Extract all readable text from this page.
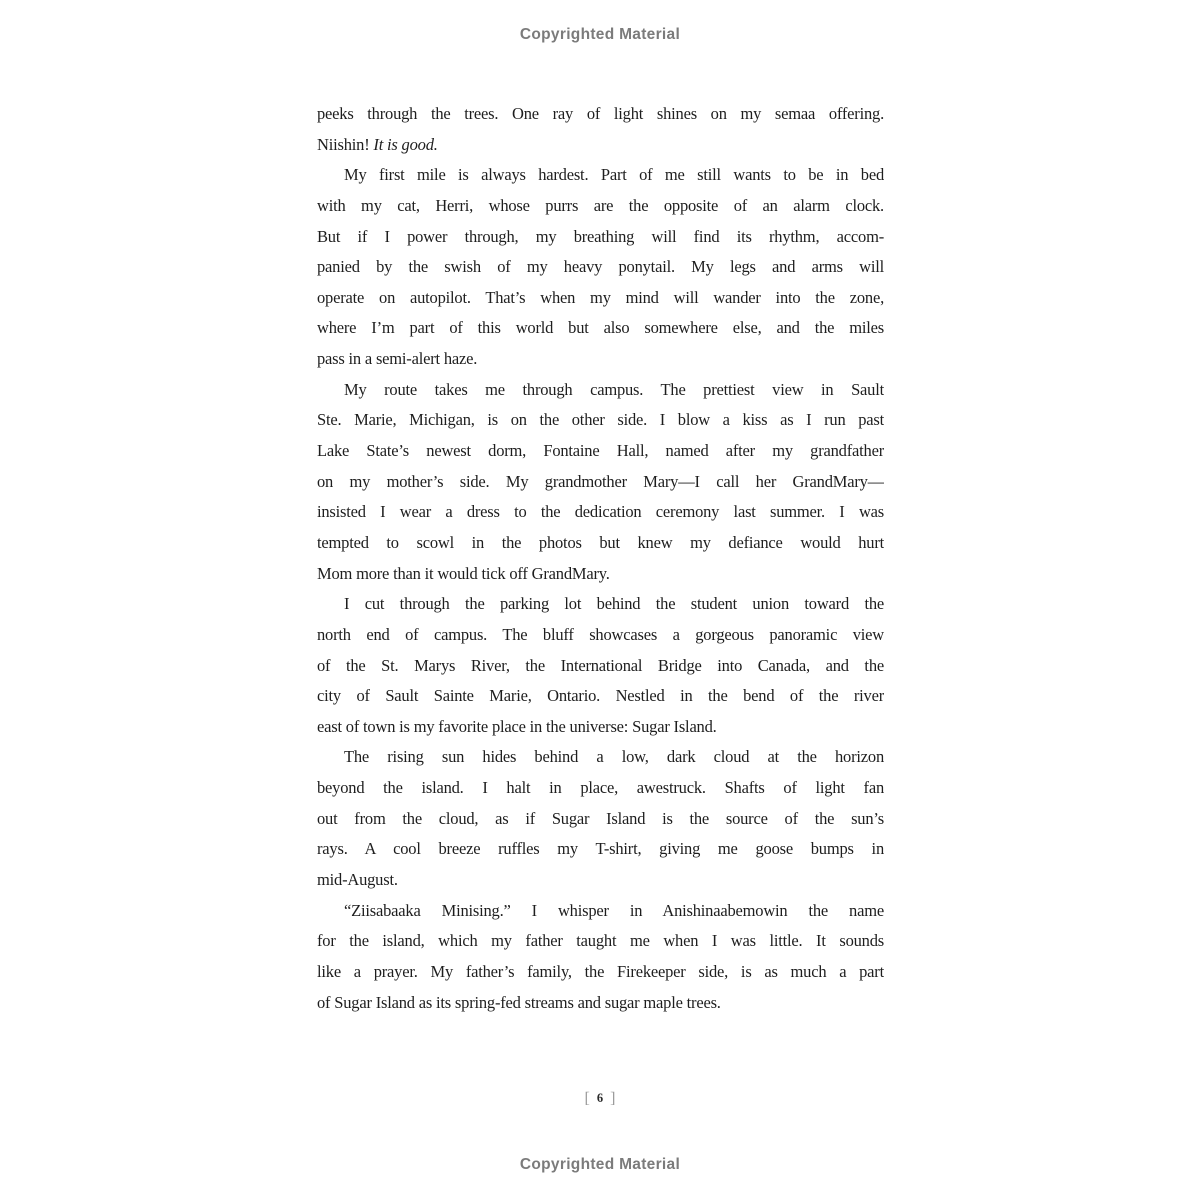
Copyrighted Material
peeks through the trees. One ray of light shines on my semaa offering.
Niishin! It is good.
My first mile is always hardest. Part of me still wants to be in bed
with my cat, Herri, whose purrs are the opposite of an alarm clock.
But if I power through, my breathing will find its rhythm, accom-
panied by the swish of my heavy ponytail. My legs and arms will
operate on autopilot. That’s when my mind will wander into the zone,
where I’m part of this world but also somewhere else, and the miles
pass in a semi-alert haze.
My route takes me through campus. The prettiest view in Sault
Ste. Marie, Michigan, is on the other side. I blow a kiss as I run past
Lake State’s newest dorm, Fontaine Hall, named after my grandfather
on my mother’s side. My grandmother Mary—I call her GrandMary—
insisted I wear a dress to the dedication ceremony last summer. I was
tempted to scowl in the photos but knew my defiance would hurt
Mom more than it would tick off GrandMary.
I cut through the parking lot behind the student union toward the
north end of campus. The bluff showcases a gorgeous panoramic view
of the St. Marys River, the International Bridge into Canada, and the
city of Sault Sainte Marie, Ontario. Nestled in the bend of the river
east of town is my favorite place in the universe: Sugar Island.
The rising sun hides behind a low, dark cloud at the horizon
beyond the island. I halt in place, awestruck. Shafts of light fan
out from the cloud, as if Sugar Island is the source of the sun’s
rays. A cool breeze ruffles my T-shirt, giving me goose bumps in
mid-August.
“Ziisabaaka Minising.” I whisper in Anishinaabemowin the name
for the island, which my father taught me when I was little. It sounds
like a prayer. My father’s family, the Firekeeper side, is as much a part
of Sugar Island as its spring-fed streams and sugar maple trees.
[ 6 ]
Copyrighted Material
